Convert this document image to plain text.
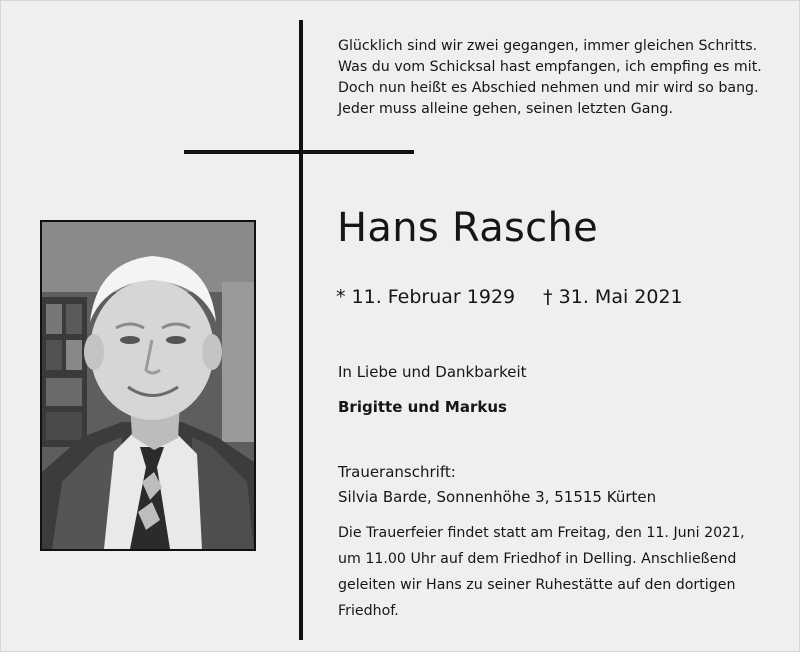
Glücklich sind wir zwei gegangen, immer gleichen Schritts.
Was du vom Schicksal hast empfangen, ich empfing es mit.
Doch nun heißt es Abschied nehmen und mir wird so bang.
Jeder muss alleine gehen, seinen letzten Gang.
Hans Rasche
* 11. Februar 1929 † 31. Mai 2021
In Liebe und Dankbarkeit
Brigitte und Markus
Traueranschrift:
Silvia Barde, Sonnenhöhe 3, 51515 Kürten
Die Trauerfeier findet statt am Freitag, den 11. Juni 2021,
um 11.00 Uhr auf dem Friedhof in Delling. Anschließend
geleiten wir Hans zu seiner Ruhestätte auf den dortigen
Friedhof.
